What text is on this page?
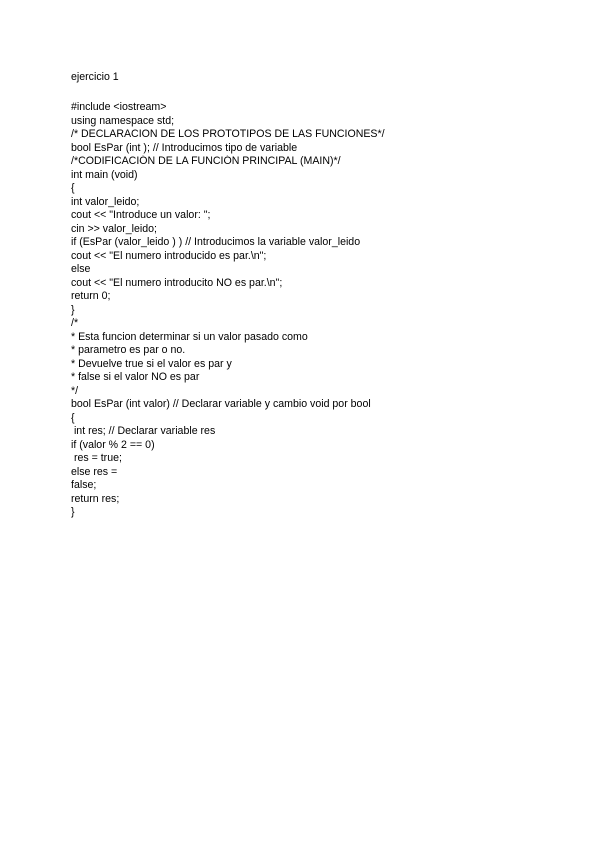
ejercicio 1
#include <iostream>
using namespace std;
/* DECLARACION DE LOS PROTOTIPOS DE LAS FUNCIONES*/
bool EsPar (int ); // Introducimos tipo de variable
/*CODIFICACIÓN DE LA FUNCIÓN PRINCIPAL (MAIN)*/
int main (void)
{
int valor_leido;
cout << "Introduce un valor: ";
cin >> valor_leido;
if (EsPar (valor_leido ) ) // Introducimos la variable valor_leido
cout << "El numero introducido es par.\n";
else
cout << "El numero introducito NO es par.\n";
return 0;
}
/*
* Esta funcion determinar si un valor pasado como
* parametro es par o no.
* Devuelve true si el valor es par y
* false si el valor NO es par
*/
bool EsPar (int valor) // Declarar variable y cambio void por bool
{
int res; // Declarar variable res
if (valor % 2 == 0)
res = true;
else res =
false;
return res;
}
